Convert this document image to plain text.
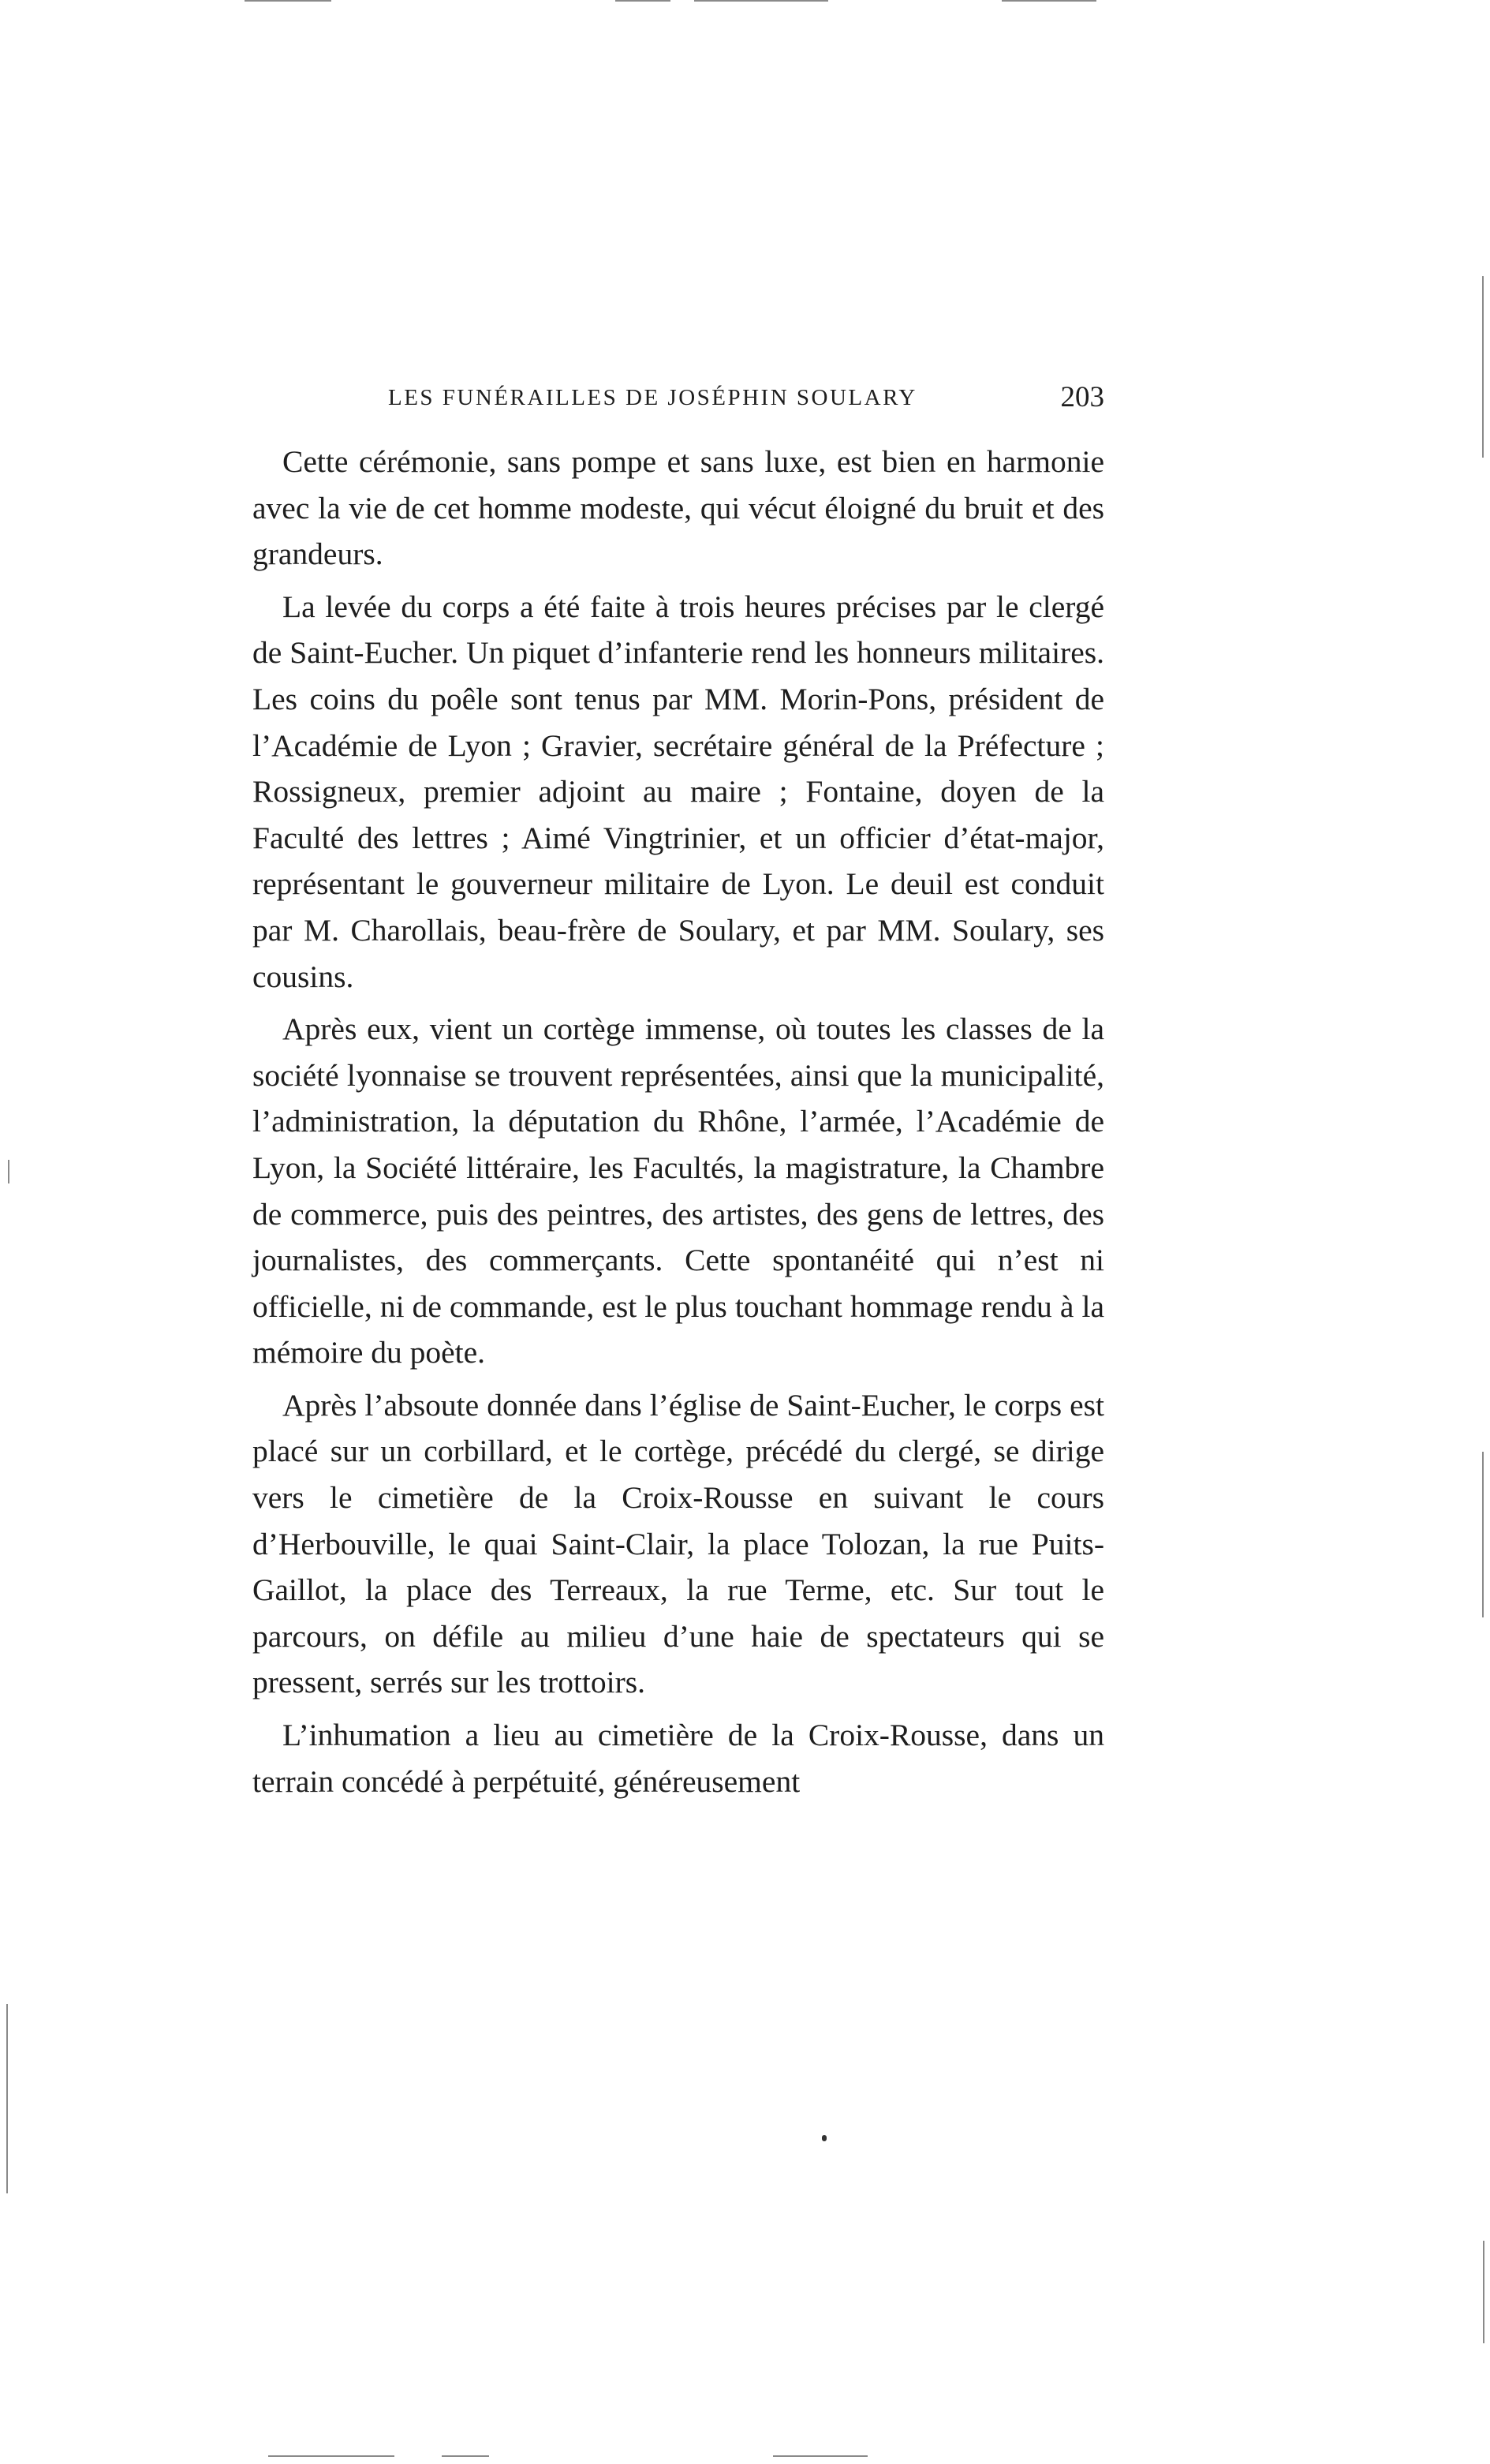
LES FUNÉRAILLES DE JOSÉPHIN SOULARY	203

Cette cérémonie, sans pompe et sans luxe, est bien en harmonie avec la vie de cet homme modeste, qui vécut éloigné du bruit et des grandeurs.

La levée du corps a été faite à trois heures précises par le clergé de Saint-Eucher. Un piquet d’infanterie rend les honneurs militaires. Les coins du poêle sont tenus par MM. Morin-Pons, président de l’Académie de Lyon ; Gravier, secrétaire général de la Préfecture ; Rossigneux, premier adjoint au maire ; Fontaine, doyen de la Faculté des lettres ; Aimé Vingtrinier, et un officier d’état-major, représentant le gouverneur militaire de Lyon. Le deuil est conduit par M. Charollais, beau-frère de Soulary, et par MM. Soulary, ses cousins.

Après eux, vient un cortège immense, où toutes les classes de la société lyonnaise se trouvent représentées, ainsi que la municipalité, l’administration, la députation du Rhône, l’armée, l’Académie de Lyon, la Société littéraire, les Facultés, la magistrature, la Chambre de commerce, puis des peintres, des artistes, des gens de lettres, des journalistes, des commerçants. Cette spontanéité qui n’est ni officielle, ni de commande, est le plus touchant hommage rendu à la mémoire du poète.

Après l’absoute donnée dans l’église de Saint-Eucher, le corps est placé sur un corbillard, et le cortège, précédé du clergé, se dirige vers le cimetière de la Croix-Rousse en suivant le cours d’Herbouville, le quai Saint-Clair, la place Tolozan, la rue Puits-Gaillot, la place des Terreaux, la rue Terme, etc. Sur tout le parcours, on défile au milieu d’une haie de spectateurs qui se pressent, serrés sur les trottoirs.

L’inhumation a lieu au cimetière de la Croix-Rousse, dans un terrain concédé à perpétuité, généreusement
